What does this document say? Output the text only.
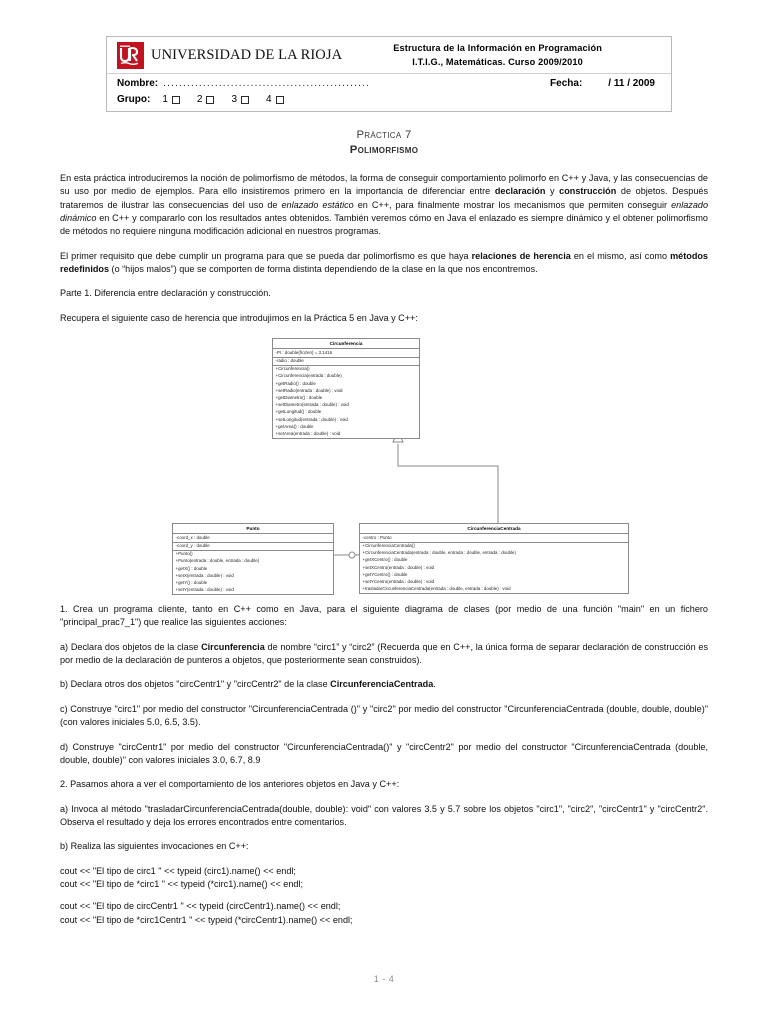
UNIVERSIDAD DE LA RIOJA	Estructura de la Información en Programación
I.T.I.G., Matemáticas. Curso 2009/2010
Nombre: ....................................................	Fecha:	/ 11 / 2009
Grupo: 1	2	3	4
Práctica 7
Polimorfismo

En esta práctica introduciremos la noción de polimorfismo de métodos, la forma de conseguir comportamiento polimorfo en C++ y Java, y las consecuencias de su uso por medio de ejemplos. Para ello insistiremos primero en la importancia de diferenciar entre declaración y construcción de objetos. Después trataremos de ilustrar las consecuencias del uso de enlazado estático en C++, para finalmente mostrar los mecanismos que permiten conseguir enlazado dinámico en C++ y compararlo con los resultados antes obtenidos. También veremos cómo en Java el enlazado es siempre dinámico y el obtener polimorfismo de métodos no requiere ninguna modificación adicional en nuestros programas.

El primer requisito que debe cumplir un programa para que se pueda dar polimorfismo es que haya relaciones de herencia en el mismo, así como métodos redefinidos (o “hijos malos”) que se comporten de forma distinta dependiendo de la clase en la que nos encontremos.

Parte 1. Diferencia entre declaración y construcción.

Recupera el siguiente caso de herencia que introdujimos en la Práctica 5 en Java y C++:

Circunferencia
-PI : double{frozen} = 3.1416
-radio : double
+Circunferencia()
+Circunferencia(entrada : double)
+getRadio() : double
+setRadio(entrada : double) : void
+getDiametro() : double
+setDiametro(entrada : double) : void
+getLongitud() : double
+setLongitud(entrada : double) : void
+getArea() : double
+setArea(entrada : double) : void
Punto
-coord_x : double
-coord_y : double
+Punto()
+Punto(entrada : double, entrada : double)
+getX() : double
+setX(entrada : double) : void
+getY() : double
+setY(entrada : double) : void
CircunferenciaCentrada
-centro : Punto
+CircunferenciaCentrada()
+CircunferenciaCentrada(entrada : double, entrada : double, entrada : double)
+getXCentro() : double
+setXCentro(entrada : double) : void
+getYCentro() : double
+setYCentro(entrada : double) : void
+trasladarCircunferenciaCentrada(entrada : double, entrada : double) : void

1. Crea un programa cliente, tanto en C++ como en Java, para el siguiente diagrama de clases (por medio de una función "main" en un fichero "principal_prac7_1") que realice las siguientes acciones:

a) Declara dos objetos de la clase Circunferencia de nombre “circ1” y “circ2” (Recuerda que en C++, la única forma de separar declaración de construcción es por medio de la declaración de punteros a objetos, que posteriormente sean construidos).

b) Declara otros dos objetos "circCentr1" y "circCentr2" de la clase CircunferenciaCentrada.

c) Construye "circ1" por medio del constructor "CircunferenciaCentrada ()" y "circ2" por medio del constructor "CircunferenciaCentrada (double, double, double)" (con valores iniciales 5.0, 6.5, 3.5).

d) Construye "circCentr1" por medio del constructor "CircunferenciaCentrada()" y "circCentr2" por medio del constructor "CircunferenciaCentrada (double, double, double)" con valores iniciales 3.0, 6.7, 8.9

2. Pasamos ahora a ver el comportamiento de los anteriores objetos en Java y C++:

a) Invoca al método "trasladarCircunferenciaCentrada(double, double): void" con valores 3.5 y 5.7 sobre los objetos "circ1", "circ2", "circCentr1" y "circCentr2". Observa el resultado y deja los errores encontrados entre comentarios.

b) Realiza las siguientes invocaciones en C++:

cout << "El tipo de circ1 " << typeid (circ1).name() << endl;

cout << "El tipo de *circ1 " << typeid (*circ1).name() << endl;

cout << "El tipo de circCentr1 " << typeid (circCentr1).name() << endl;

cout << "El tipo de *circ1Centr1 " << typeid (*circCentr1).name() << endl;

1 - 4
